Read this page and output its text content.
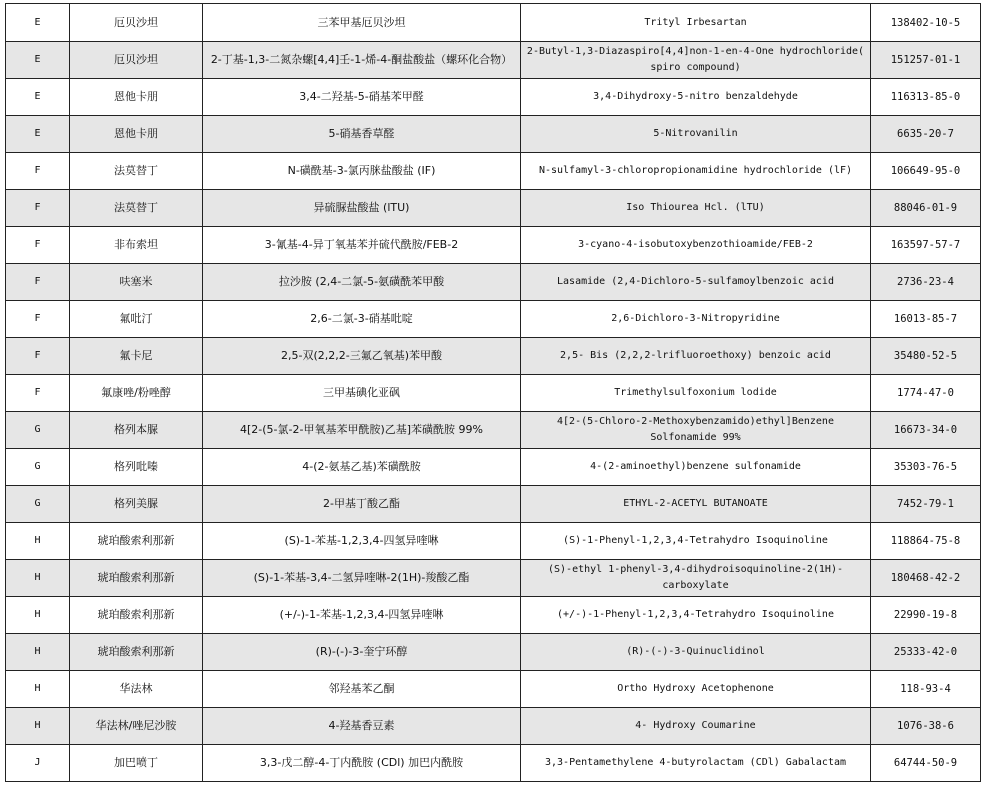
E	厄贝沙坦	三苯甲基厄贝沙坦	Trityl Irbesartan	138402-10-5
E	厄贝沙坦	2-丁基-1,3-二氮杂螺[4,4]壬-1-烯-4-酮盐酸盐（螺环化合物）	2-Butyl-1,3-Diazaspiro[4,4]non-1-en-4-One hydrochloride( spiro compound)	151257-01-1
E	恩他卡朋	3,4-二羟基-5-硝基苯甲醛	3,4-Dihydroxy-5-nitro benzaldehyde	116313-85-0
E	恩他卡朋	5-硝基香草醛	5-Nitrovanilin	6635-20-7
F	法莫替丁	N-磺酰基-3-氯丙脒盐酸盐 (IF)	N-sulfamyl-3-chloropropionamidine hydrochloride (lF)	106649-95-0
F	法莫替丁	异硫脲盐酸盐 (lTU)	Iso Thiourea Hcl. (lTU)	88046-01-9
F	非布索坦	3-氰基-4-异丁氧基苯并硫代酰胺/FEB-2	3-cyano-4-isobutoxybenzothioamide/FEB-2	163597-57-7
F	呋塞米	拉沙胺 (2,4-二氯-5-氨磺酰苯甲酸	Lasamide (2,4-Dichloro-5-sulfamoylbenzoic acid	2736-23-4
F	氟吡汀	2,6-二氯-3-硝基吡啶	2,6-Dichloro-3-Nitropyridine	16013-85-7
F	氟卡尼	2,5-双(2,2,2-三氟乙氧基)苯甲酸	2,5- Bis (2,2,2-lrifluoroethoxy) benzoic acid	35480-52-5
F	氟康唑/粉唑醇	三甲基碘化亚砜	Trimethylsulfoxonium lodide	1774-47-0
G	格列本脲	4[2-(5-氯-2-甲氧基苯甲酰胺)乙基]苯磺酰胺 99%	4[2-(5-Chloro-2-Methoxybenzamido)ethyl]Benzene Solfonamide 99%	16673-34-0
G	格列吡嗪	4-(2-氨基乙基)苯磺酰胺	4-(2-aminoethyl)benzene sulfonamide	35303-76-5
G	格列美脲	2-甲基丁酸乙酯	ETHYL-2-ACETYL BUTANOATE	7452-79-1
H	琥珀酸索利那新	(S)-1-苯基-1,2,3,4-四氢异喹啉	(S)-1-Phenyl-1,2,3,4-Tetrahydro Isoquinoline	118864-75-8
H	琥珀酸索利那新	(S)-1-苯基-3,4-二氢异喹啉-2(1H)-羧酸乙酯	(S)-ethyl 1-phenyl-3,4-dihydroisoquinoline-2(1H)-carboxylate	180468-42-2
H	琥珀酸索利那新	(+/-)-1-苯基-1,2,3,4-四氢异喹啉	(+/-)-1-Phenyl-1,2,3,4-Tetrahydro Isoquinoline	22990-19-8
H	琥珀酸索利那新	(R)-(-)-3-奎宁环醇	(R)-(-)-3-Quinuclidinol	25333-42-0
H	华法林	邻羟基苯乙酮	Ortho Hydroxy Acetophenone	118-93-4
H	华法林/唑尼沙胺	4-羟基香豆素	4- Hydroxy Coumarine	1076-38-6
J	加巴喷丁	3,3-戊二醇-4-丁内酰胺 (CDl) 加巴内酰胺	3,3-Pentamethylene 4-butyrolactam (CDl) Gabalactam	64744-50-9
